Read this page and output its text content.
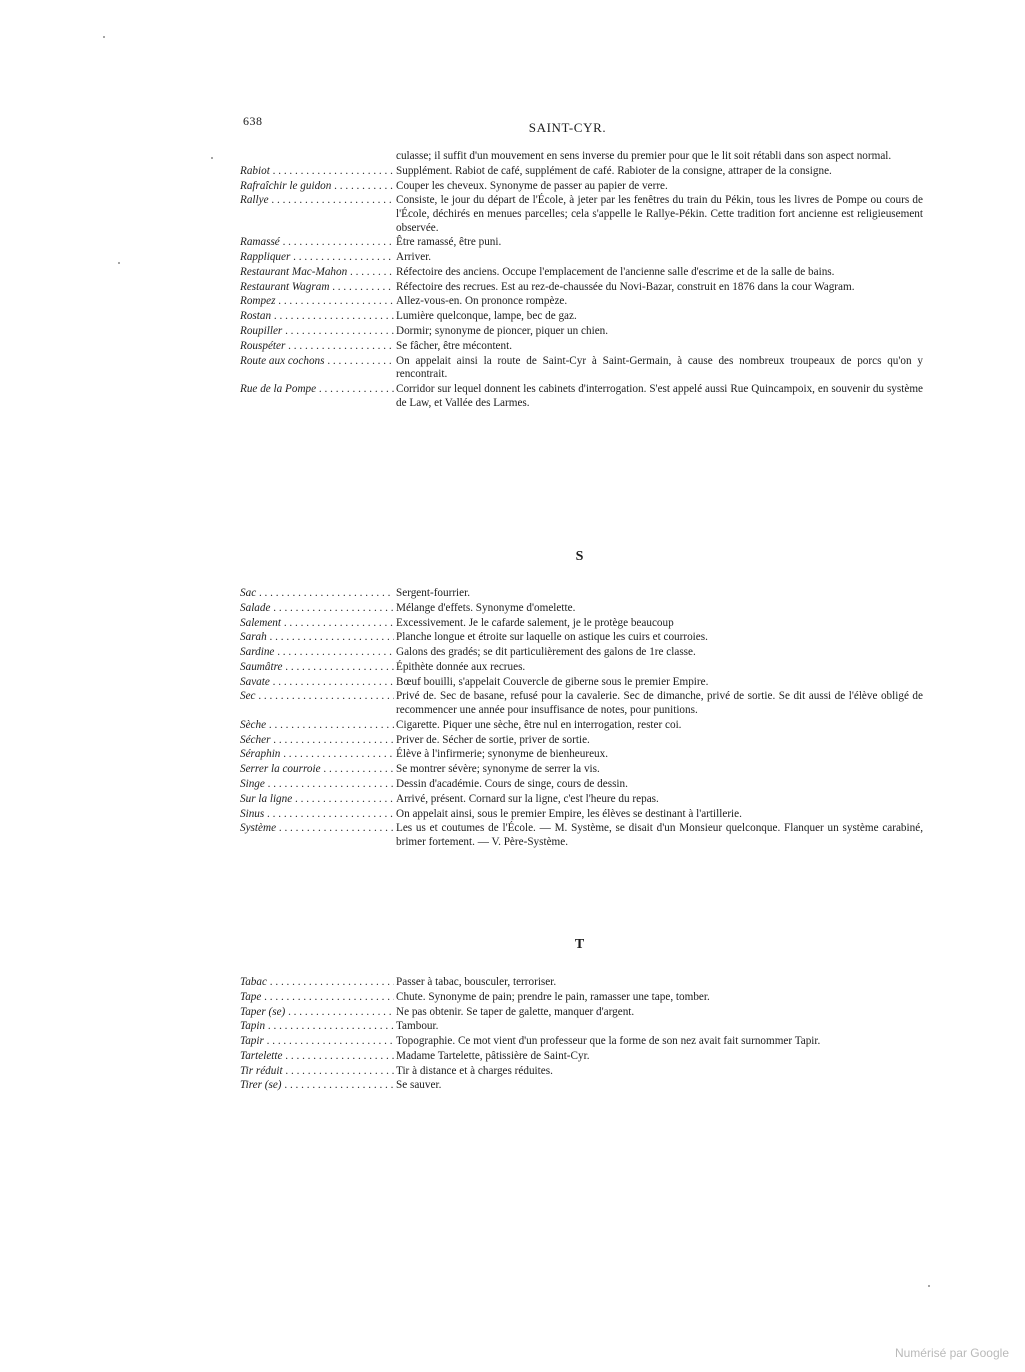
638	SAINT-CYR.
culasse; il suffit d'un mouvement en sens inverse du premier pour que le lit soit rétabli dans son aspect normal.
Rabiot . . .	Supplément. Rabiot de café, supplément de café. Rabioter de la consigne, attraper de la consigne.
Rafraîchir le guidon . . .	Couper les cheveux. Synonyme de passer au papier de verre.
Rallye . . .	Consiste, le jour du départ de l'École, à jeter par les fenêtres du train du Pékin, tous les livres de Pompe ou cours de l'École, déchirés en menues parcelles; cela s'appelle le Rallye-Pékin. Cette tradition fort ancienne est religieusement observée.
Ramassé . . .	Être ramassé, être puni.
Rappliquer . . .	Arriver.
Restaurant Mac-Mahon . . .	Réfectoire des anciens. Occupe l'emplacement de l'ancienne salle d'escrime et de la salle de bains.
Restaurant Wagram . . .	Réfectoire des recrues. Est au rez-de-chaussée du Novi-Bazar, construit en 1876 dans la cour Wagram.
Rompez . . .	Allez-vous-en. On prononce rompèze.
Rostan . . .	Lumière quelconque, lampe, bec de gaz.
Roupiller . . .	Dormir; synonyme de pioncer, piquer un chien.
Rouspéter . . .	Se fâcher, être mécontent.
Route aux cochons . . .	On appelait ainsi la route de Saint-Cyr à Saint-Germain, à cause des nombreux troupeaux de porcs qu'on y rencontrait.
Rue de la Pompe . . .	Corridor sur lequel donnent les cabinets d'interrogation. S'est appelé aussi Rue Quincampoix, en souvenir du système de Law, et Vallée des Larmes.
S
Sac . . .	Sergent-fourrier.
Salade . . .	Mélange d'effets. Synonyme d'omelette.
Salement . . .	Excessivement. Je le cafarde salement, je le protège beaucoup
Sarah . . .	Planche longue et étroite sur laquelle on astique les cuirs et courroies.
Sardine . . .	Galons des gradés; se dit particulièrement des galons de 1re classe.
Saumâtre . . .	Épithète donnée aux recrues.
Savate . . .	Bœuf bouilli, s'appelait Couvercle de giberne sous le premier Empire.
Sec . . .	Privé de. Sec de basane, refusé pour la cavalerie. Sec de dimanche, privé de sortie. Se dit aussi de l'élève obligé de recommencer une année pour insuffisance de notes, pour punitions.
Sèche . . .	Cigarette. Piquer une sèche, être nul en interrogation, rester coi.
Sécher . . .	Priver de. Sécher de sortie, priver de sortie.
Séraphin . . .	Élève à l'infirmerie; synonyme de bienheureux.
Serrer la courroie . . .	Se montrer sévère; synonyme de serrer la vis.
Singe . . .	Dessin d'académie. Cours de singe, cours de dessin.
Sur la ligne . . .	Arrivé, présent. Cornard sur la ligne, c'est l'heure du repas.
Sinus . . .	On appelait ainsi, sous le premier Empire, les élèves se destinant à l'artillerie.
Système . . .	Les us et coutumes de l'École. — M. Système, se disait d'un Monsieur quelconque. Flanquer un système carabiné, brimer fortement. — V. Père-Système.
T
Tabac . . .	Passer à tabac, bousculer, terroriser.
Tape . . .	Chute. Synonyme de pain; prendre le pain, ramasser une tape, tomber.
Taper (se) . . .	Ne pas obtenir. Se taper de galette, manquer d'argent.
Tapin . . .	Tambour.
Tapir . . .	Topographie. Ce mot vient d'un professeur que la forme de son nez avait fait surnommer Tapir.
Tartelette . . .	Madame Tartelette, pâtissière de Saint-Cyr.
Tir réduit . . .	Tir à distance et à charges réduites.
Tirer (se) . . .	Se sauver.
Numérisé par Google
